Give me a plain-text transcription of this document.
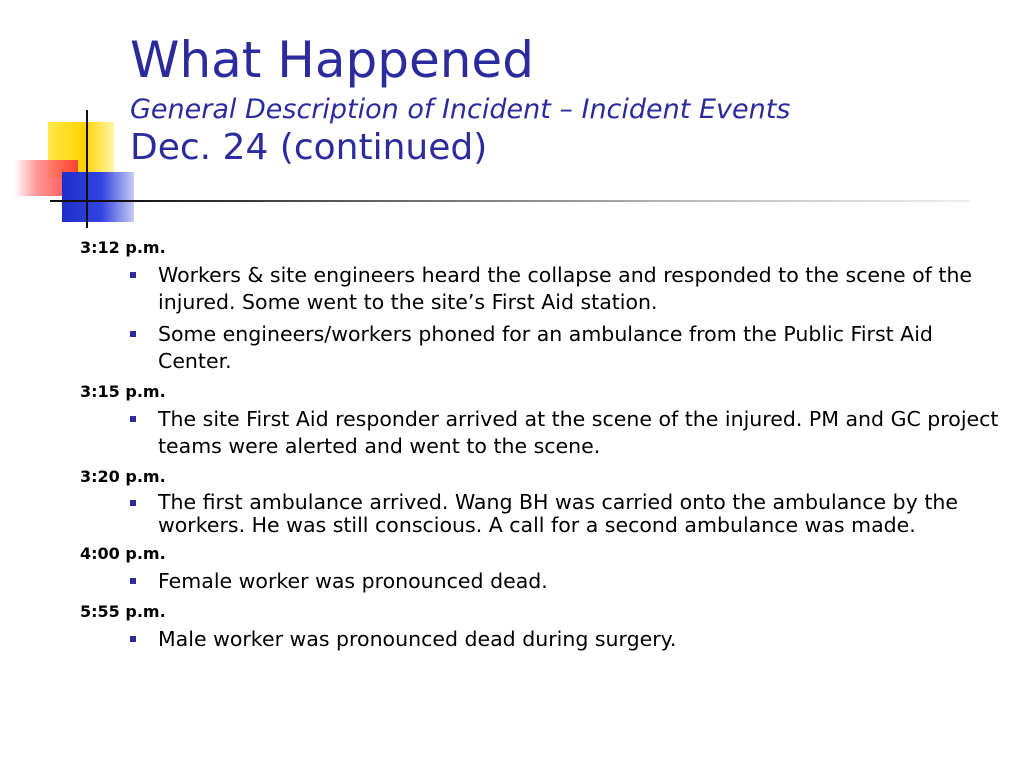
What Happened
General Description of Incident – Incident Events
Dec. 24 (continued)

3:12 p.m.

Workers & site engineers heard the collapse and responded to the scene of the injured. Some went to the site’s First Aid station.
Some engineers/workers phoned for an ambulance from the Public First Aid Center.

3:15 p.m.

The site First Aid responder arrived at the scene of the injured. PM and GC project teams were alerted and went to the scene.

3:20 p.m.

The first ambulance arrived. Wang BH was carried onto the ambulance by the workers. He was still conscious. A call for a second ambulance was made.

4:00 p.m.

Female worker was pronounced dead.

5:55 p.m.

Male worker was pronounced dead during surgery.
